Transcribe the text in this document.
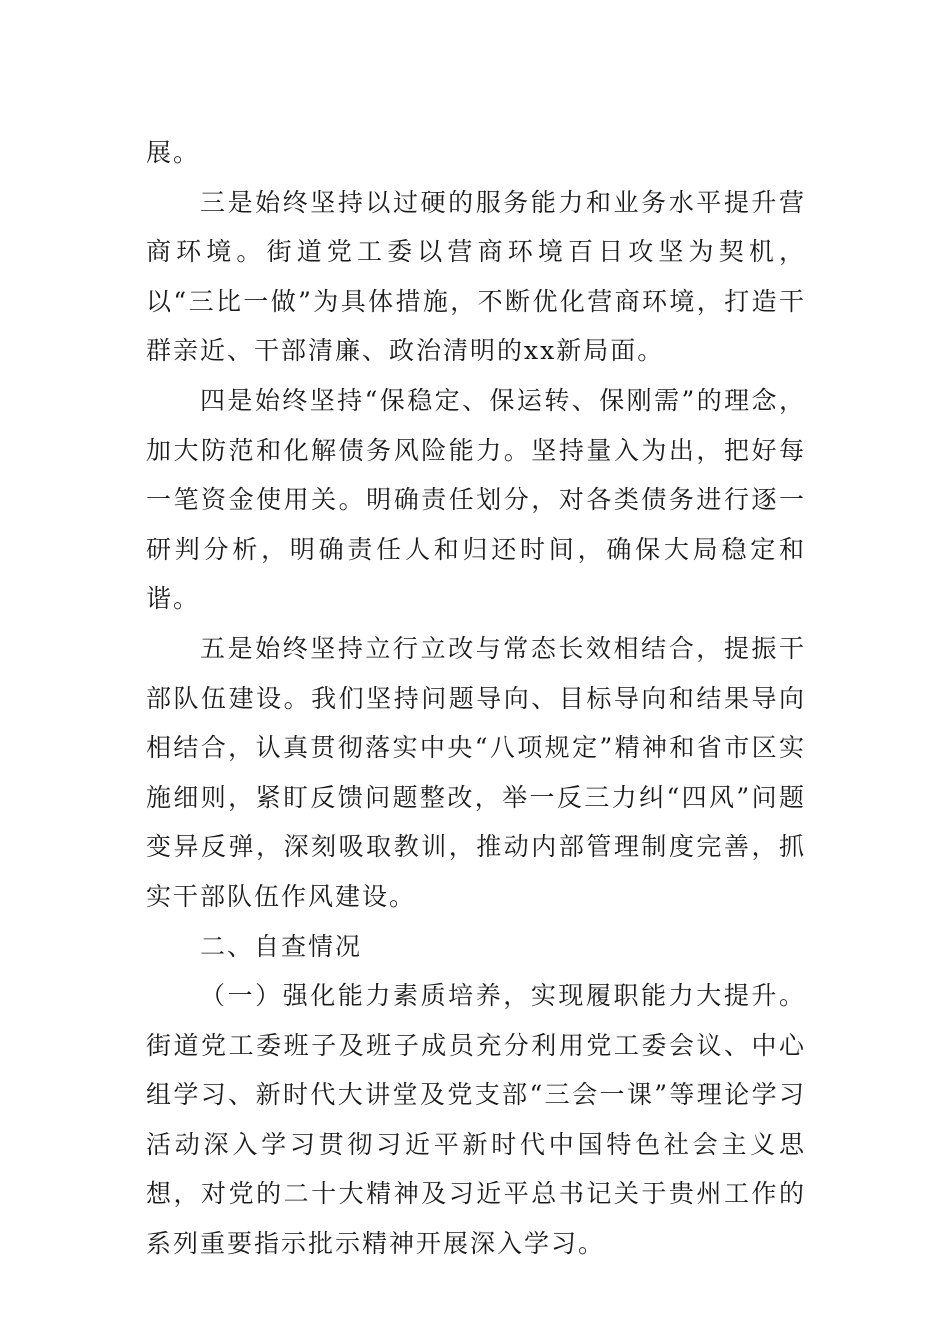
展。

三是始终坚持以过硬的服务能力和业务水平提升营商环境。街道党工委以营商环境百日攻坚为契机，以“三比一做”为具体措施，不断优化营商环境，打造干群亲近、干部清廉、政治清明的xx新局面。

四是始终坚持“保稳定、保运转、保刚需”的理念，加大防范和化解债务风险能力。坚持量入为出，把好每一笔资金使用关。明确责任划分，对各类债务进行逐一研判分析，明确责任人和归还时间，确保大局稳定和谐。

五是始终坚持立行立改与常态长效相结合，提振干部队伍建设。我们坚持问题导向、目标导向和结果导向相结合，认真贯彻落实中央“八项规定”精神和省市区实施细则，紧盯反馈问题整改，举一反三力纠“四风”问题变异反弹，深刻吸取教训，推动内部管理制度完善，抓实干部队伍作风建设。

二、自查情况

（一）强化能力素质培养，实现履职能力大提升。街道党工委班子及班子成员充分利用党工委会议、中心组学习、新时代大讲堂及党支部“三会一课”等理论学习活动深入学习贯彻习近平新时代中国特色社会主义思想，对党的二十大精神及习近平总书记关于贵州工作的系列重要指示批示精神开展深入学习。
